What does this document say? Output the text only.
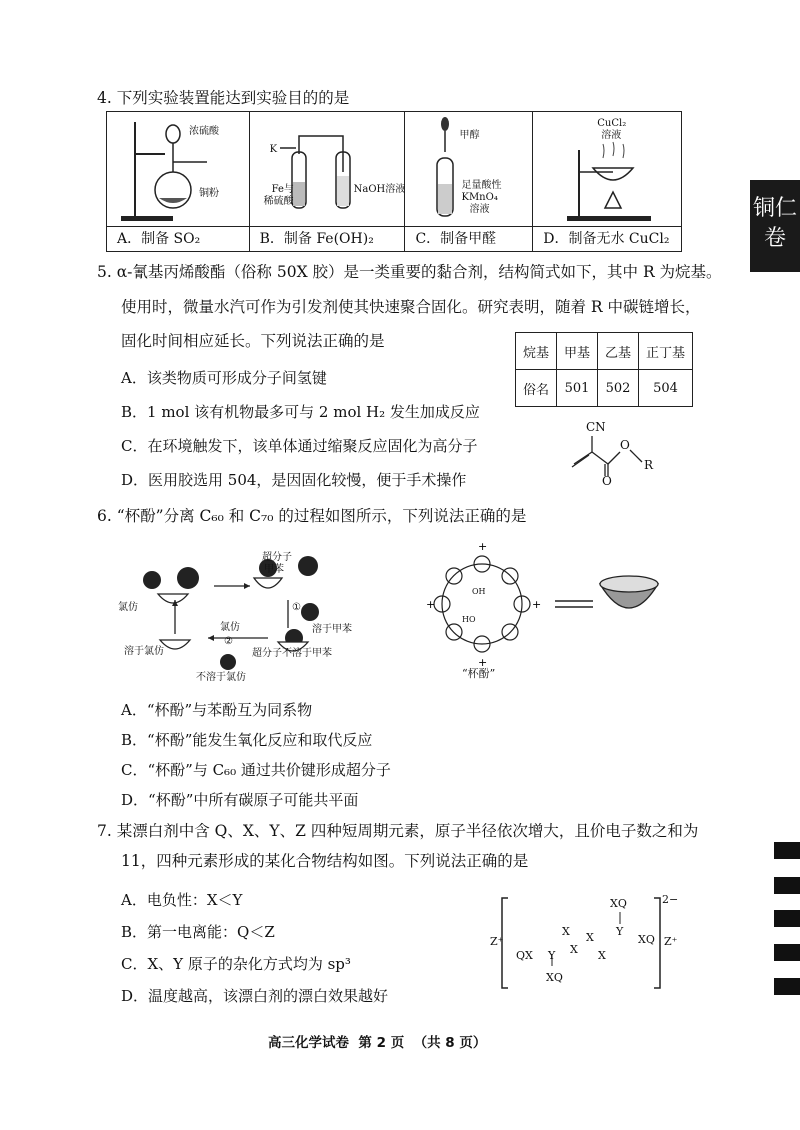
铜仁
卷
4. 下列实验装置能达到实验目的的是
浓硫酸
铜粉	K
Fe与
稀硫酸
NaOH溶液	甲醇
足量酸性
KMnO₄
溶液	CuCl₂
溶液

A．制备 SO₂	B．制备 Fe(OH)₂	C．制备甲醛	D．制备无水 CuCl₂
5. α-氰基丙烯酸酯（俗称 50X 胶）是一类重要的黏合剂，结构简式如下，其中 R 为烷基。
使用时，微量水汽可作为引发剂使其快速聚合固化。研究表明，随着 R 中碳链增长，
固化时间相应延长。下列说法正确的是
烷基	甲基	乙基	正丁基
俗名	501	502	504
A．该类物质可形成分子间氢键
B．1 mol 该有机物最多可与 2 mol H₂ 发生加成反应
C．在环境触发下，该单体通过缩聚反应固化为高分子
D．医用胶选用 504，是因固化较慢，便于手术操作
CN
O
O
R
6. “杯酚”分离 C₆₀ 和 C₇₀ 的过程如图所示，下列说法正确的是
氯仿
超分子
甲苯
①
溶于甲苯
氯仿
②
溶于氯仿	超分子不溶于甲苯
不溶于氯仿
+	+
+
+
OH
HO
“杯酚”
A．“杯酚”与苯酚互为同系物
B．“杯酚”能发生氧化反应和取代反应
C．“杯酚”与 C₆₀ 通过共价键形成超分子
D．“杯酚”中所有碳原子可能共平面
7. 某漂白剂中含 Q、X、Y、Z 四种短周期元素，原子半径依次增大，且价电子数之和为
11，四种元素形成的某化合物结构如图。下列说法正确的是
A．电负性：X＜Y
B．第一电离能：Q＜Z
C．X、Y 原子的杂化方式均为 sp³
D．温度越高，该漂白剂的漂白效果越好
XQ
X X Y
XQ
QX Y X X
XQ
Z⁺	Z⁺
2−
高三化学试卷  第 2 页  （共 8 页）
